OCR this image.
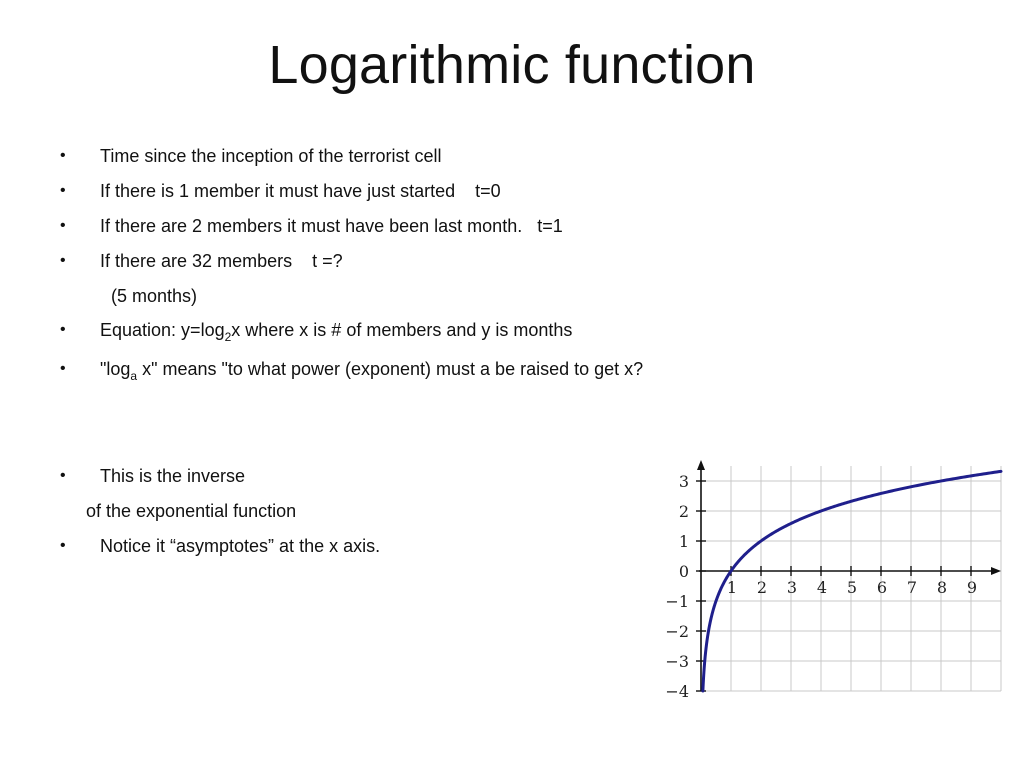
Logarithmic function
• Time since the inception of the terrorist cell
• If there is 1 member it must have just started    t=0
• If there are 2 members it must have been last month.   t=1
• If there are 32 members    t =?
(5 months)
• Equation: $y=\log_2x$ where x is # of members and y is months
• "$\log_a$ x" means "to what power (exponent) must a be raised to get x?
• This is the inverse
of the exponential function
• Notice it “asymptotes” at the x axis.
1 2 3 4 5 6 7 8 9
3
2
1
0
−1
−2
−3
−4
